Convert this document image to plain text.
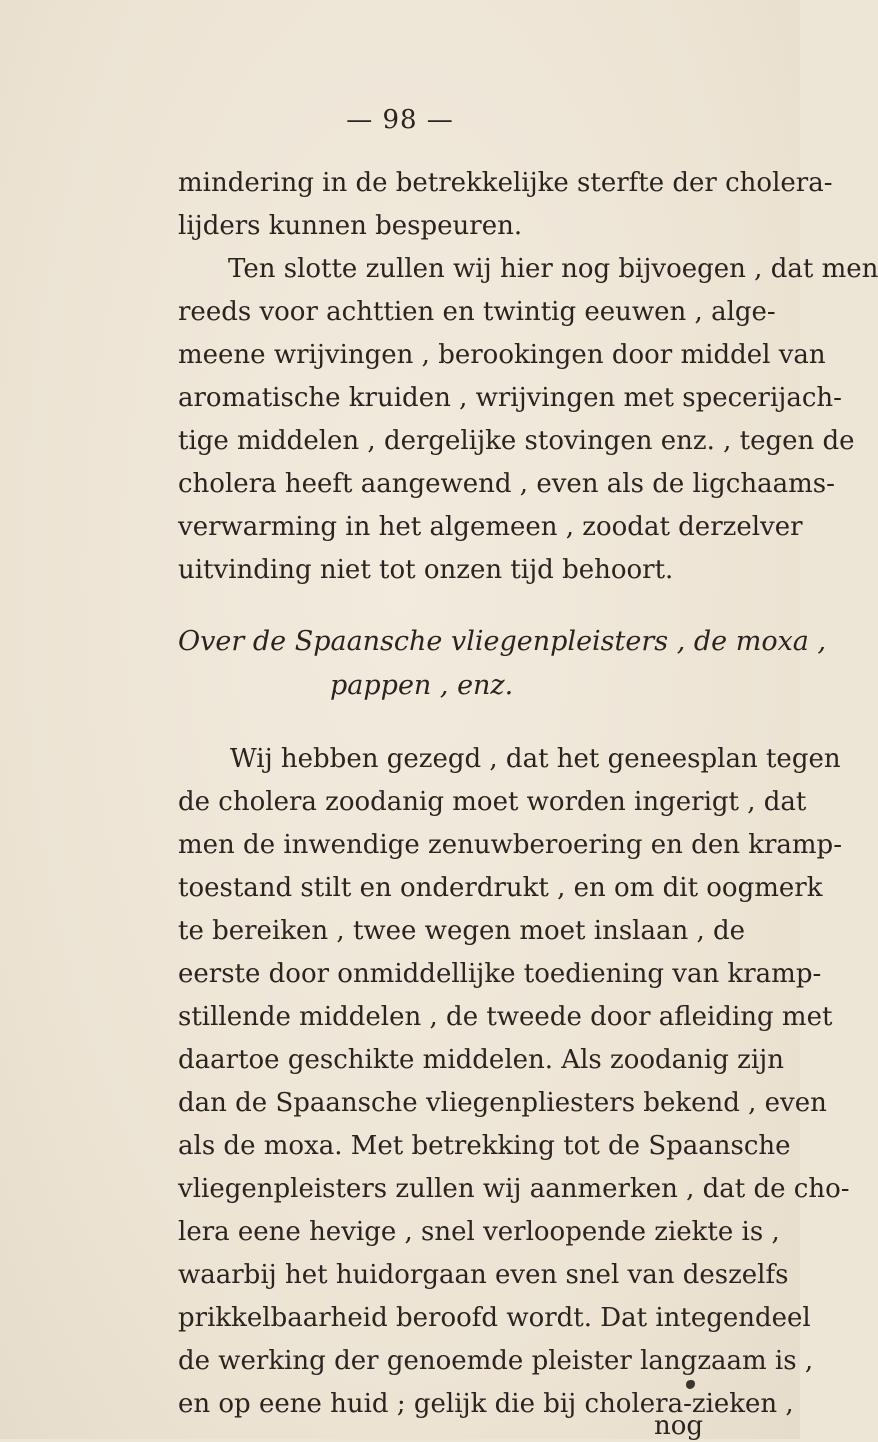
— 98 —
mindering in de betrekkelijke sterfte der cholera-
lijders kunnen bespeuren.
Ten slotte zullen wij hier nog bijvoegen , dat men
reeds voor achttien en twintig eeuwen , alge-
meene wrijvingen , berookingen door middel van
aromatische kruiden , wrijvingen met specerijach-
tige middelen , dergelijke stovingen enz. , tegen de
cholera heeft aangewend , even als de ligchaams-
verwarming in het algemeen , zoodat derzelver
uitvinding niet tot onzen tijd behoort.
Over de Spaansche vliegenpleisters , de moxa ,
pappen , enz.
Wij hebben gezegd , dat het geneesplan tegen
de cholera zoodanig moet worden ingerigt , dat
men de inwendige zenuwberoering en den kramp-
toestand stilt en onderdrukt , en om dit oogmerk
te bereiken , twee wegen moet inslaan , de
eerste door onmiddellijke toediening van kramp-
stillende middelen , de tweede door afleiding met
daartoe geschikte middelen. Als zoodanig zijn
dan de Spaansche vliegenpliesters bekend , even
als de moxa. Met betrekking tot de Spaansche
vliegenpleisters zullen wij aanmerken , dat de cho-
lera eene hevige , snel verloopende ziekte is ,
waarbij het huidorgaan even snel van deszelfs
prikkelbaarheid beroofd wordt. Dat integendeel
de werking der genoemde pleister langzaam is ,
en op eene huid ; gelijk die bij cholera-zieken ,
nog
